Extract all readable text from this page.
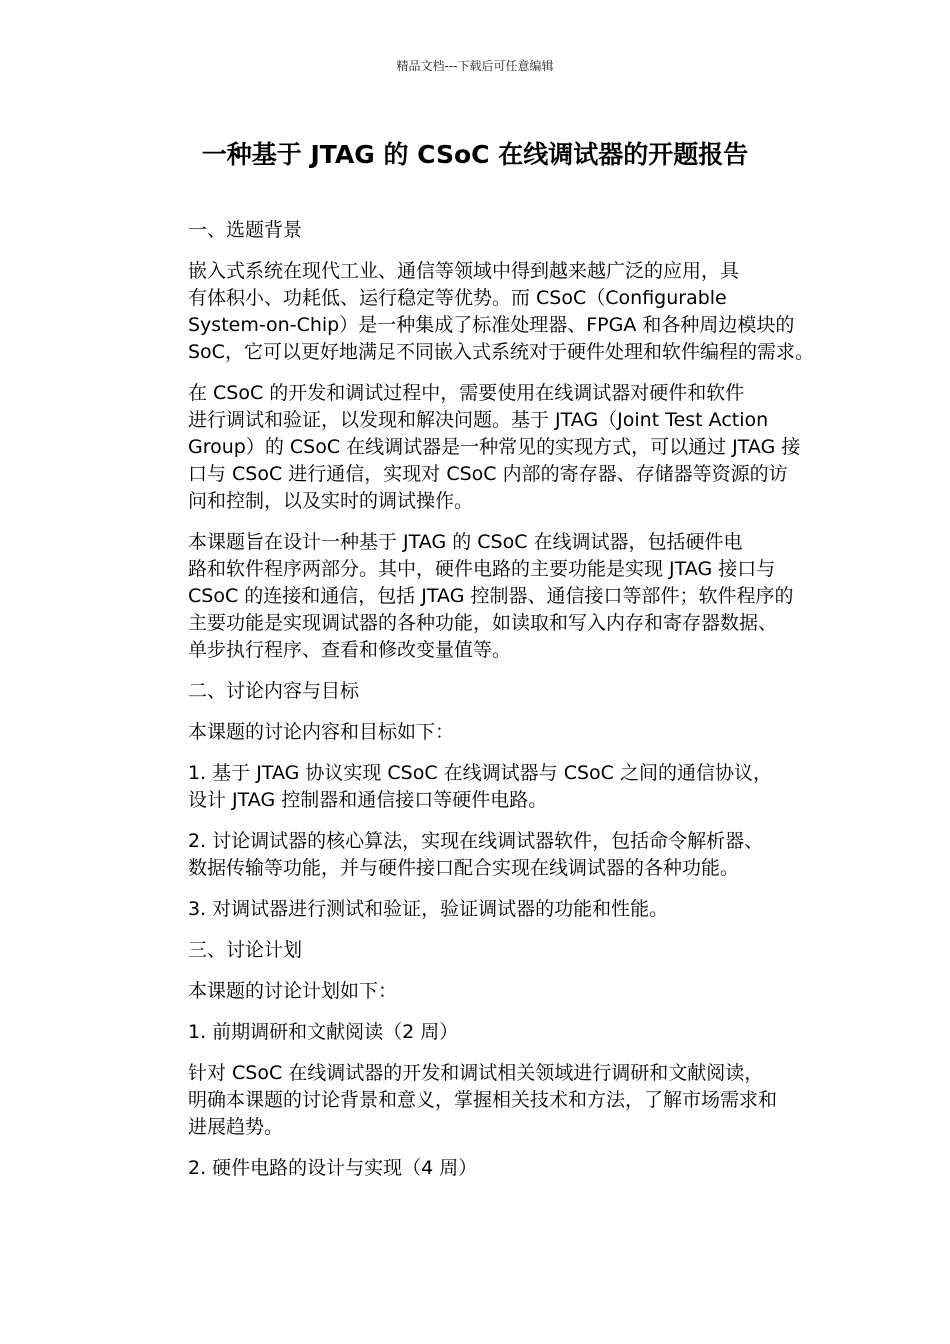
精品文档---下载后可任意编辑
一种基于 JTAG 的 CSoC 在线调试器的开题报告

一、选题背景

嵌入式系统在现代工业、通信等领域中得到越来越广泛的应用，具
有体积小、功耗低、运行稳定等优势。而 CSoC（Configurable
System-on-Chip）是一种集成了标准处理器、FPGA 和各种周边模块的
SoC，它可以更好地满足不同嵌入式系统对于硬件处理和软件编程的需求。

在 CSoC 的开发和调试过程中，需要使用在线调试器对硬件和软件
进行调试和验证，以发现和解决问题。基于 JTAG（Joint Test Action
Group）的 CSoC 在线调试器是一种常见的实现方式，可以通过 JTAG 接
口与 CSoC 进行通信，实现对 CSoC 内部的寄存器、存储器等资源的访
问和控制，以及实时的调试操作。

本课题旨在设计一种基于 JTAG 的 CSoC 在线调试器，包括硬件电
路和软件程序两部分。其中，硬件电路的主要功能是实现 JTAG 接口与
CSoC 的连接和通信，包括 JTAG 控制器、通信接口等部件；软件程序的
主要功能是实现调试器的各种功能，如读取和写入内存和寄存器数据、
单步执行程序、查看和修改变量值等。

二、讨论内容与目标

本课题的讨论内容和目标如下：

1. 基于 JTAG 协议实现 CSoC 在线调试器与 CSoC 之间的通信协议，
设计 JTAG 控制器和通信接口等硬件电路。

2. 讨论调试器的核心算法，实现在线调试器软件，包括命令解析器、
数据传输等功能，并与硬件接口配合实现在线调试器的各种功能。

3. 对调试器进行测试和验证，验证调试器的功能和性能。

三、讨论计划

本课题的讨论计划如下：

1. 前期调研和文献阅读（2 周）

针对 CSoC 在线调试器的开发和调试相关领域进行调研和文献阅读，
明确本课题的讨论背景和意义，掌握相关技术和方法，了解市场需求和
进展趋势。

2. 硬件电路的设计与实现（4 周）
